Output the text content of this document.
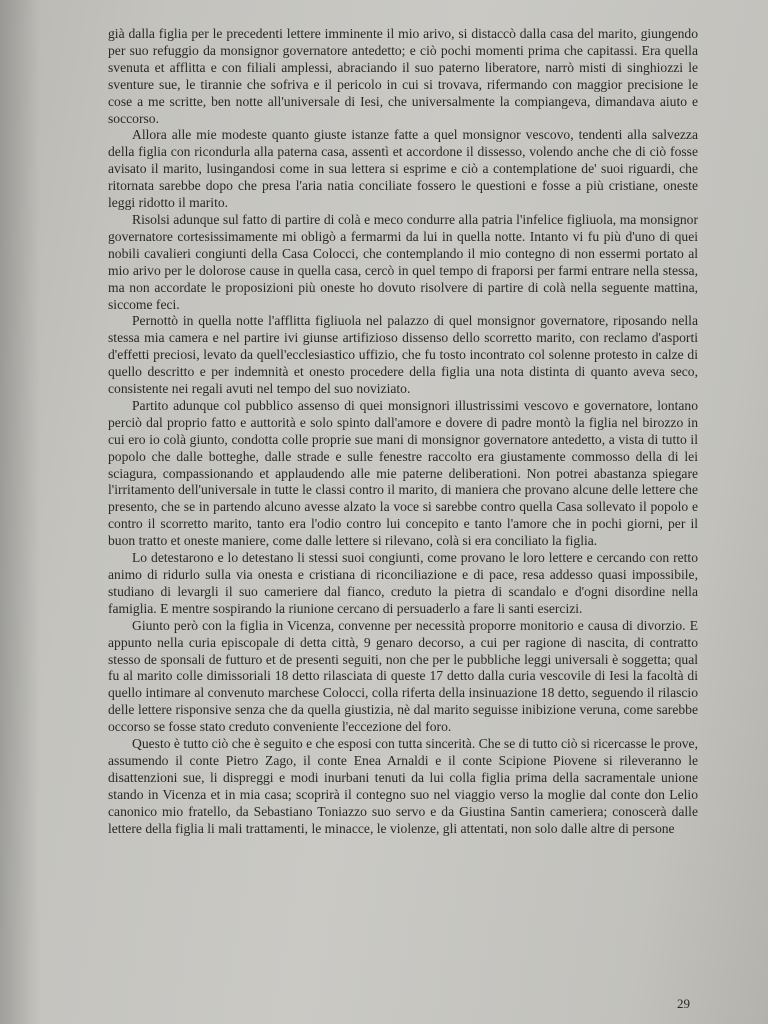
già dalla figlia per le precedenti lettere imminente il mio arivo, si distaccò dalla casa del marito, giungendo per suo refuggio da monsignor governatore antedetto; e ciò pochi momenti prima che capitassi. Era quella svenuta et afflitta e con filiali amplessi, abraciando il suo paterno liberatore, narrò misti di singhiozzi le sventure sue, le tirannie che sofriva e il pericolo in cui si trovava, rifermando con maggior precisione le cose a me scritte, ben notte all'universale di Iesi, che universalmente la compiangeva, dimandava aiuto e soccorso.

Allora alle mie modeste quanto giuste istanze fatte a quel monsignor vescovo, tendenti alla salvezza della figlia con ricondurla alla paterna casa, assentì et accordone il dissesso, volendo anche che di ciò fosse avisato il marito, lusingandosi come in sua lettera si esprime e ciò a contemplatione de' suoi riguardi, che ritornata sarebbe dopo che presa l'aria natia conciliate fossero le questioni e fosse a più cristiane, oneste leggi ridotto il marito.

Risolsi adunque sul fatto di partire di colà e meco condurre alla patria l'infelice figliuola, ma monsignor governatore cortesissimamente mi obligò a fermarmi da lui in quella notte. Intanto vi fu più d'uno di quei nobili cavalieri congiunti della Casa Colocci, che contemplando il mio contegno di non essermi portato al mio arivo per le dolorose cause in quella casa, cercò in quel tempo di fraporsi per farmi entrare nella stessa, ma non accordate le proposizioni più oneste ho dovuto risolvere di partire di colà nella seguente mattina, siccome feci.

Pernottò in quella notte l'afflitta figliuola nel palazzo di quel monsignor governatore, riposando nella stessa mia camera e nel partire ivi giunse artifizioso dissenso dello scorretto marito, con reclamo d'asporti d'effetti preciosi, levato da quell'ecclesiastico uffizio, che fu tosto incontrato col solenne protesto in calze di quello descritto e per indemnità et onesto procedere della figlia una nota distinta di quanto aveva seco, consistente nei regali avuti nel tempo del suo noviziato.

Partito adunque col pubblico assenso di quei monsignori illustrissimi vescovo e governatore, lontano perciò dal proprio fatto e auttorità e solo spinto dall'amore e dovere di padre montò la figlia nel birozzo in cui ero io colà giunto, condotta colle proprie sue mani di monsignor governatore antedetto, a vista di tutto il popolo che dalle botteghe, dalle strade e sulle fenestre raccolto era giustamente commosso della di lei sciagura, compassionando et applaudendo alle mie paterne deliberationi. Non potrei abastanza spiegare l'irritamento dell'universale in tutte le classi contro il marito, di maniera che provano alcune delle lettere che presento, che se in partendo alcuno avesse alzato la voce si sarebbe contro quella Casa sollevato il popolo e contro il scorretto marito, tanto era l'odio contro lui concepito e tanto l'amore che in pochi giorni, per il buon tratto et oneste maniere, come dalle lettere si rilevano, colà si era conciliato la figlia.

Lo detestarono e lo detestano li stessi suoi congiunti, come provano le loro lettere e cercando con retto animo di ridurlo sulla via onesta e cristiana di riconciliazione e di pace, resa addesso quasi impossibile, studiano di levargli il suo cameriere dal fianco, creduto la pietra di scandalo e d'ogni disordine nella famiglia. E mentre sospirando la riunione cercano di persuaderlo a fare li santi esercizi.

Giunto però con la figlia in Vicenza, convenne per necessità proporre monitorio e causa di divorzio. E appunto nella curia episcopale di detta città, 9 genaro decorso, a cui per ragione di nascita, di contratto stesso de sponsali de futturo et de presenti seguiti, non che per le pubbliche leggi universali è soggetta; qual fu al marito colle dimissoriali 18 detto rilasciata di queste 17 detto dalla curia vescovile di Iesi la facoltà di quello intimare al convenuto marchese Colocci, colla riferta della insinuazione 18 detto, seguendo il rilascio delle lettere risponsive senza che da quella giustizia, nè dal marito seguisse inibizione veruna, come sarebbe occorso se fosse stato creduto conveniente l'eccezione del foro.

Questo è tutto ciò che è seguito e che esposi con tutta sincerità. Che se di tutto ciò si ricercasse le prove, assumendo il conte Pietro Zago, il conte Enea Arnaldi e il conte Scipione Piovene si rileveranno le disattenzioni sue, li dispreggi e modi inurbani tenuti da lui colla figlia prima della sacramentale unione stando in Vicenza et in mia casa; scoprirà il contegno suo nel viaggio verso la moglie dal conte don Lelio canonico mio fratello, da Sebastiano Toniazzo suo servo e da Giustina Santin cameriera; conoscerà dalle lettere della figlia li mali trattamenti, le minacce, le violenze, gli attentati, non solo dalle altre di persone

29
